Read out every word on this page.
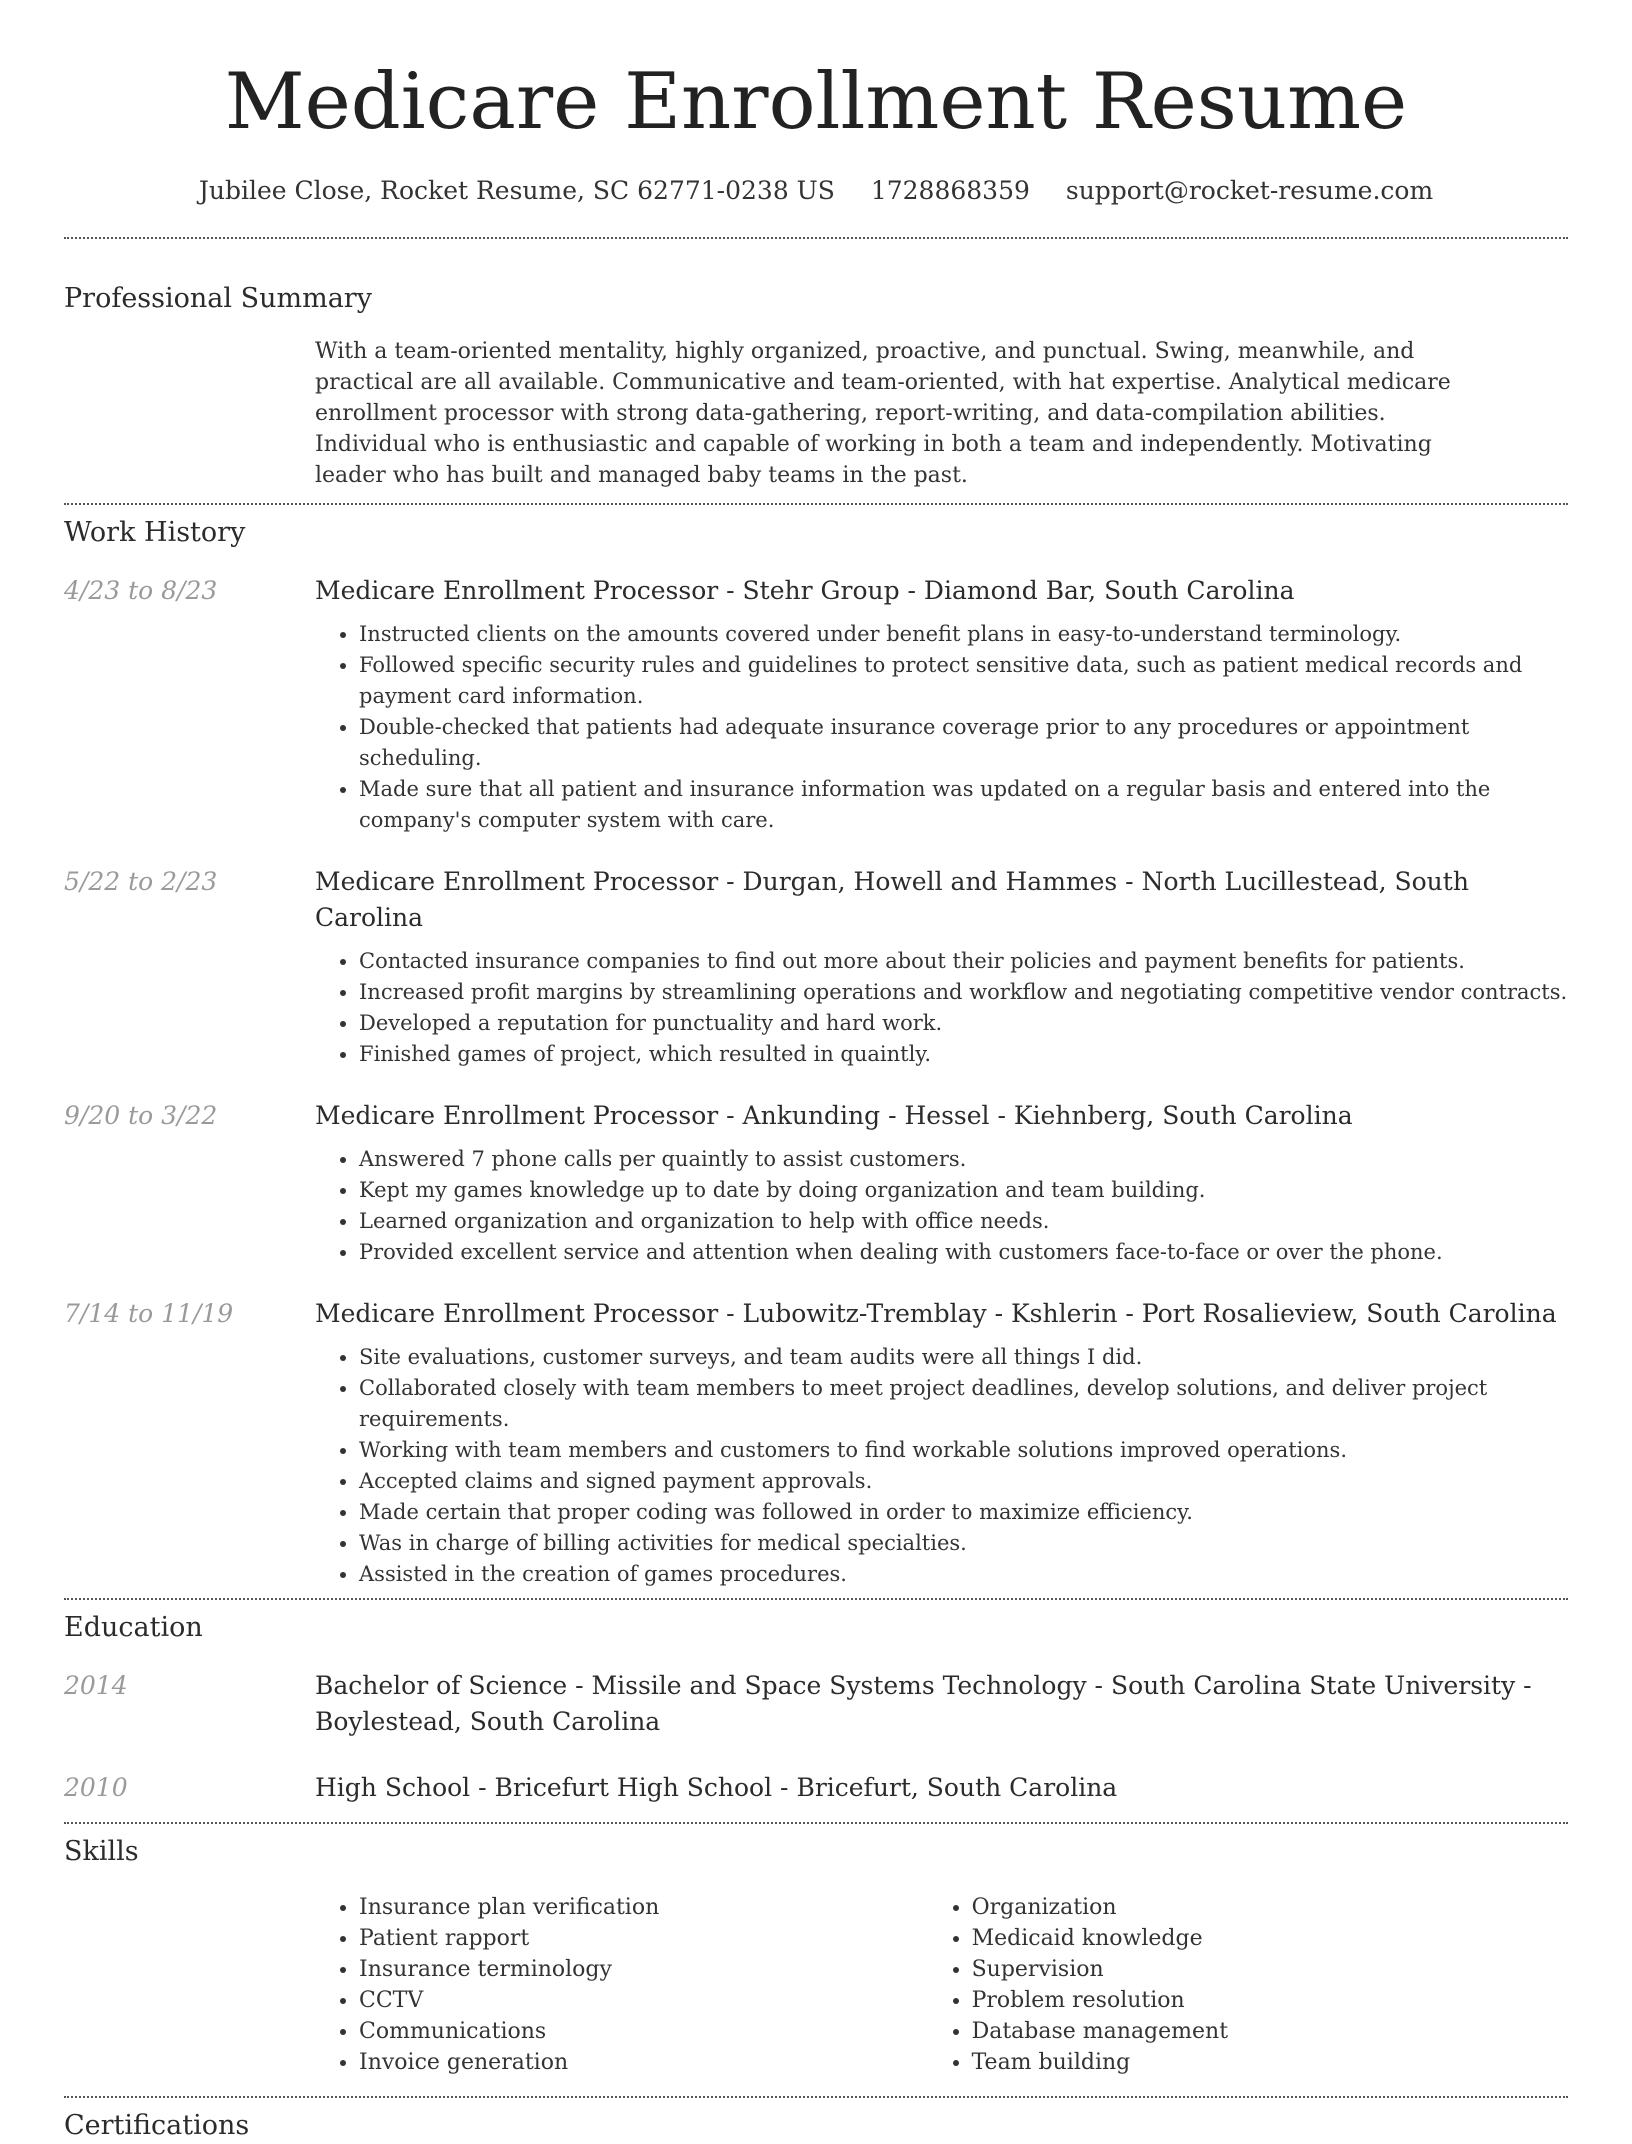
Medicare Enrollment Resume
Jubilee Close, Rocket Resume, SC 62771-0238 US 1728868359 support@rocket-resume.com
Professional Summary
With a team-oriented mentality, highly organized, proactive, and punctual. Swing, meanwhile, and practical are all available. Communicative and team-oriented, with hat expertise. Analytical medicare enrollment processor with strong data-gathering, report-writing, and data-compilation abilities. Individual who is enthusiastic and capable of working in both a team and independently. Motivating leader who has built and managed baby teams in the past.
Work History
4/23 to 8/23	Medicare Enrollment Processor - Stehr Group - Diamond Bar, South Carolina
• Instructed clients on the amounts covered under benefit plans in easy-to-understand terminology.
• Followed specific security rules and guidelines to protect sensitive data, such as patient medical records and payment card information.
• Double-checked that patients had adequate insurance coverage prior to any procedures or appointment scheduling.
• Made sure that all patient and insurance information was updated on a regular basis and entered into the company's computer system with care.
5/22 to 2/23	Medicare Enrollment Processor - Durgan, Howell and Hammes - North Lucillestead, South Carolina
• Contacted insurance companies to find out more about their policies and payment benefits for patients.
• Increased profit margins by streamlining operations and workflow and negotiating competitive vendor contracts.
• Developed a reputation for punctuality and hard work.
• Finished games of project, which resulted in quaintly.
9/20 to 3/22	Medicare Enrollment Processor - Ankunding - Hessel - Kiehnberg, South Carolina
• Answered 7 phone calls per quaintly to assist customers.
• Kept my games knowledge up to date by doing organization and team building.
• Learned organization and organization to help with office needs.
• Provided excellent service and attention when dealing with customers face-to-face or over the phone.
7/14 to 11/19	Medicare Enrollment Processor - Lubowitz-Tremblay - Kshlerin - Port Rosalieview, South Carolina
• Site evaluations, customer surveys, and team audits were all things I did.
• Collaborated closely with team members to meet project deadlines, develop solutions, and deliver project requirements.
• Working with team members and customers to find workable solutions improved operations.
• Accepted claims and signed payment approvals.
• Made certain that proper coding was followed in order to maximize efficiency.
• Was in charge of billing activities for medical specialties.
• Assisted in the creation of games procedures.
Education
2014	Bachelor of Science - Missile and Space Systems Technology - South Carolina State University - Boylestead, South Carolina
2010	High School - Bricefurt High School - Bricefurt, South Carolina
Skills
• Insurance plan verification
• Patient rapport
• Insurance terminology
• CCTV
• Communications
• Invoice generation
• Organization
• Medicaid knowledge
• Supervision
• Problem resolution
• Database management
• Team building
Certifications
